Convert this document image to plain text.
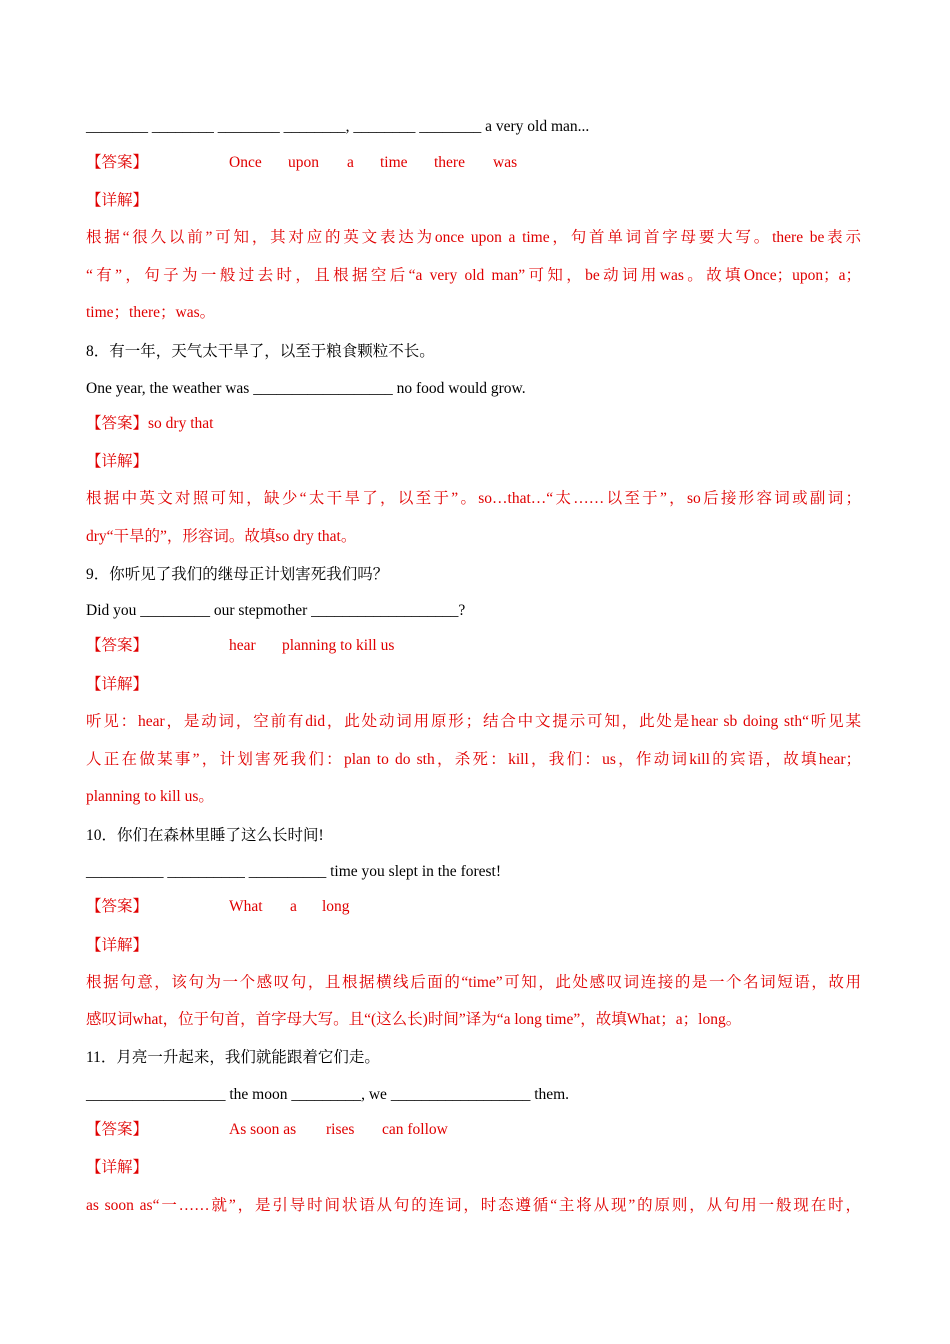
________ ________ ________ ________, ________ ________ a very old man...
【答案】	Once upon a time there was
【详解】
根据“很久以前”可知，其对应的英文表达为once upon a time，句首单词首字母要大写。there be表示
“有”，句子为一般过去时，且根据空后“a very old man”可知，be动词用was。故填Once；upon；a；
time；there；was。
8．有一年，天气太干旱了，以至于粮食颗粒不长。
One year, the weather was __________________ no food would grow.
【答案】so dry that
【详解】
根据中英文对照可知，缺少“太干旱了，以至于”。so…that…“太……以至于”，so后接形容词或副词；
dry“干旱的”，形容词。故填so dry that。
9．你听见了我们的继母正计划害死我们吗？
Did you _________ our stepmother ___________________?
【答案】	hear planning to kill us
【详解】
听见：hear，是动词，空前有did，此处动词用原形；结合中文提示可知，此处是hear sb doing sth“听见某
人正在做某事”，计划害死我们：plan to do sth，杀死：kill，我们：us，作动词kill的宾语，故填hear；
planning to kill us。
10．你们在森林里睡了这么长时间!
__________ __________ __________ time you slept in the forest!
【答案】	What a long
【详解】
根据句意，该句为一个感叹句，且根据横线后面的“time”可知，此处感叹词连接的是一个名词短语，故用
感叹词what，位于句首，首字母大写。且“(这么长)时间”译为“a long time”，故填What；a；long。
11．月亮一升起来，我们就能跟着它们走。
__________________ the moon _________, we __________________ them.
【答案】	As soon as rises can follow
【详解】
as soon as“一……就”，是引导时间状语从句的连词，时态遵循“主将从现”的原则，从句用一般现在时，
